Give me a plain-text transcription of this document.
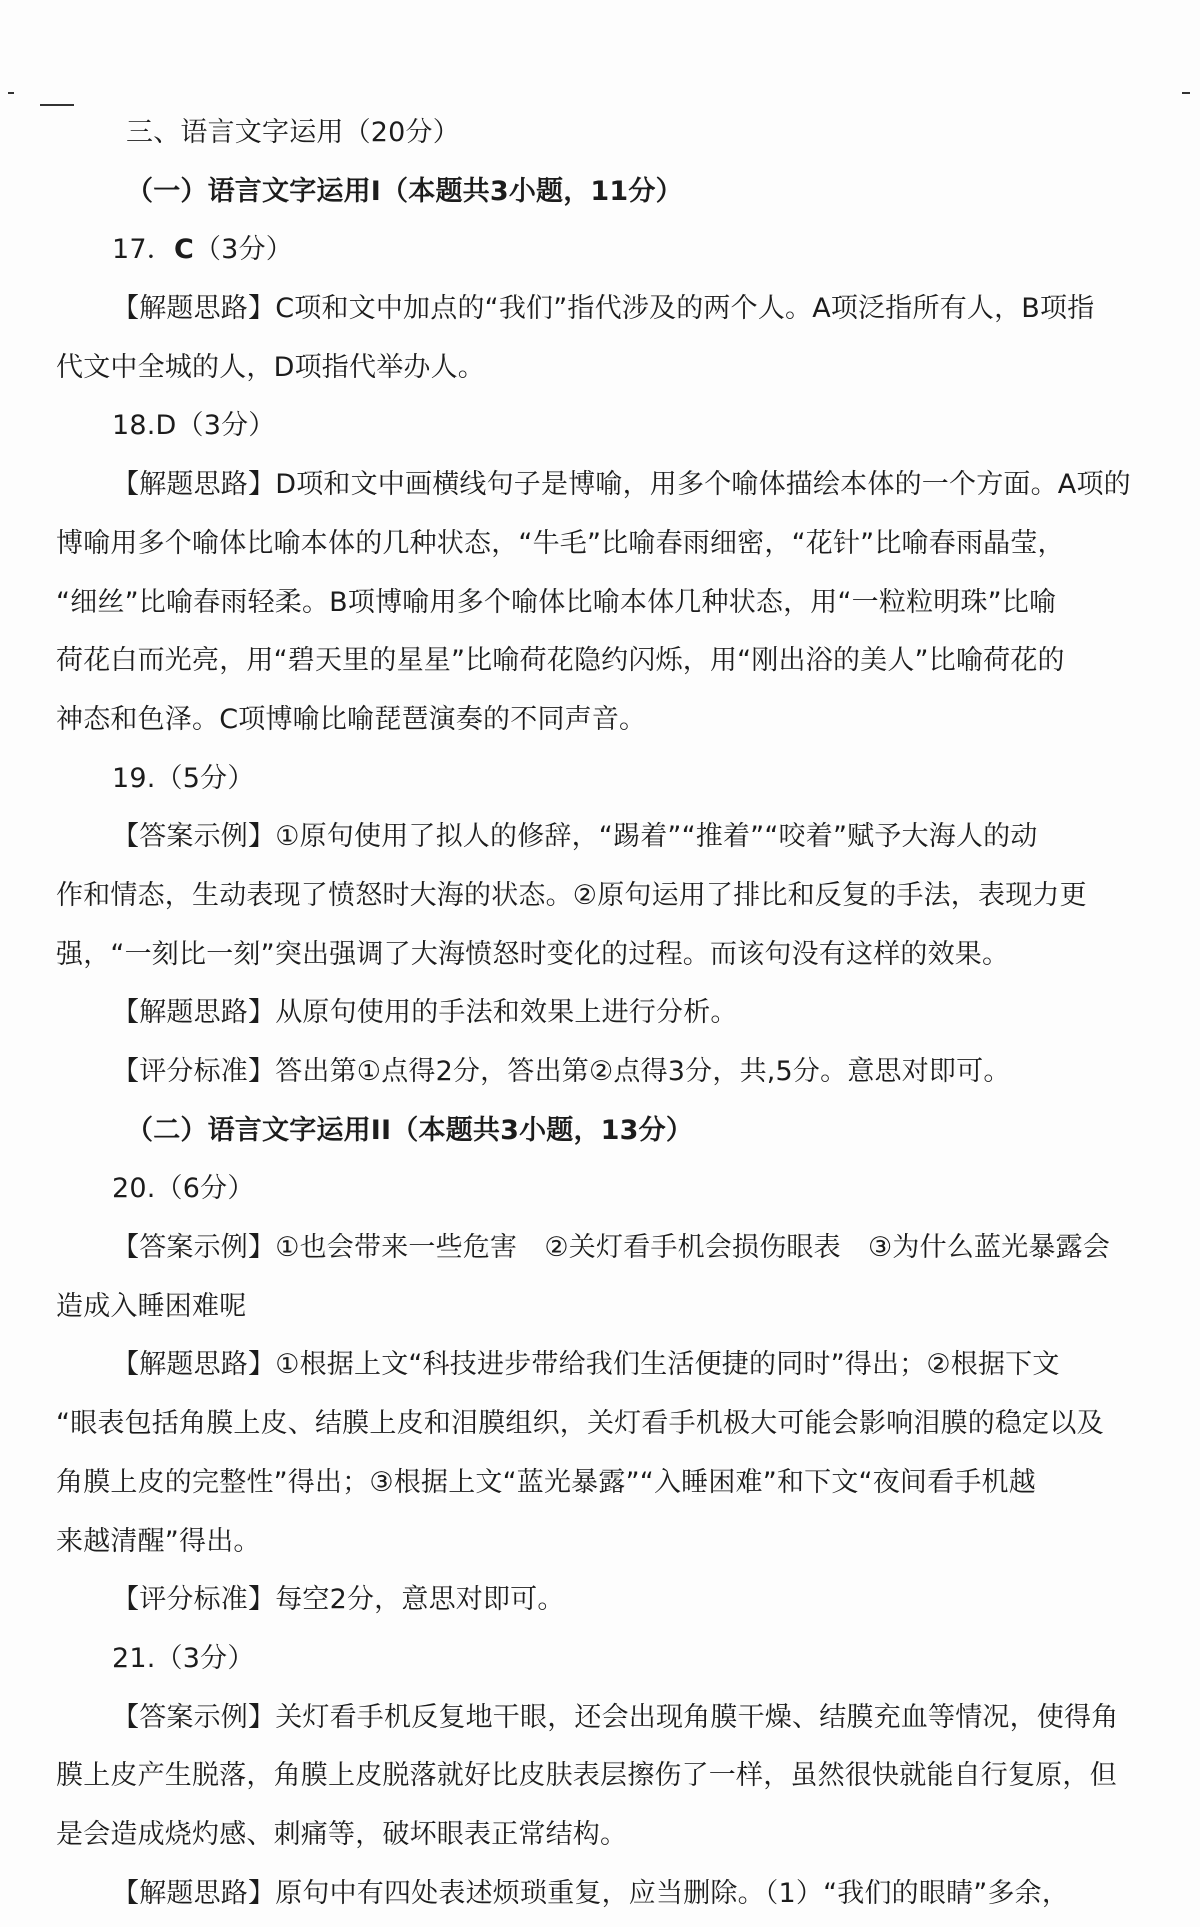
三、语言文字运用（20分）
（一）语言文字运用I（本题共3小题，11分）
17．C（3分）
【解题思路】C项和文中加点的“我们”指代涉及的两个人。A项泛指所有人，B项指
代文中全城的人，D项指代举办人。
18.D（3分）
【解题思路】D项和文中画横线句子是博喻，用多个喻体描绘本体的一个方面。A项的
博喻用多个喻体比喻本体的几种状态，“牛毛”比喻春雨细密，“花针”比喻春雨晶莹，
“细丝”比喻春雨轻柔。B项博喻用多个喻体比喻本体几种状态，用“一粒粒明珠”比喻
荷花白而光亮，用“碧天里的星星”比喻荷花隐约闪烁，用“刚出浴的美人”比喻荷花的
神态和色泽。C项博喻比喻琵琶演奏的不同声音。
19.（5分）
【答案示例】①原句使用了拟人的修辞，“踢着”“推着”“咬着”赋予大海人的动
作和情态，生动表现了愤怒时大海的状态。②原句运用了排比和反复的手法，表现力更
强，“一刻比一刻”突出强调了大海愤怒时变化的过程。而该句没有这样的效果。
【解题思路】从原句使用的手法和效果上进行分析。
【评分标准】答出第①点得2分，答出第②点得3分，共,5分。意思对即可。
（二）语言文字运用II（本题共3小题，13分）
20.（6分）
【答案示例】①也会带来一些危害　②关灯看手机会损伤眼表　③为什么蓝光暴露会
造成入睡困难呢
【解题思路】①根据上文“科技进步带给我们生活便捷的同时”得出；②根据下文
“眼表包括角膜上皮、结膜上皮和泪膜组织，关灯看手机极大可能会影响泪膜的稳定以及
角膜上皮的完整性”得出；③根据上文“蓝光暴露”“入睡困难”和下文“夜间看手机越
来越清醒”得出。
【评分标准】每空2分，意思对即可。
21.（3分）
【答案示例】关灯看手机反复地干眼，还会出现角膜干燥、结膜充血等情况，使得角
膜上皮产生脱落，角膜上皮脱落就好比皮肤表层擦伤了一样，虽然很快就能自行复原，但
是会造成烧灼感、刺痛等，破坏眼表正常结构。
【解题思路】原句中有四处表述烦琐重复，应当删除。（1）“我们的眼睛”多余，
